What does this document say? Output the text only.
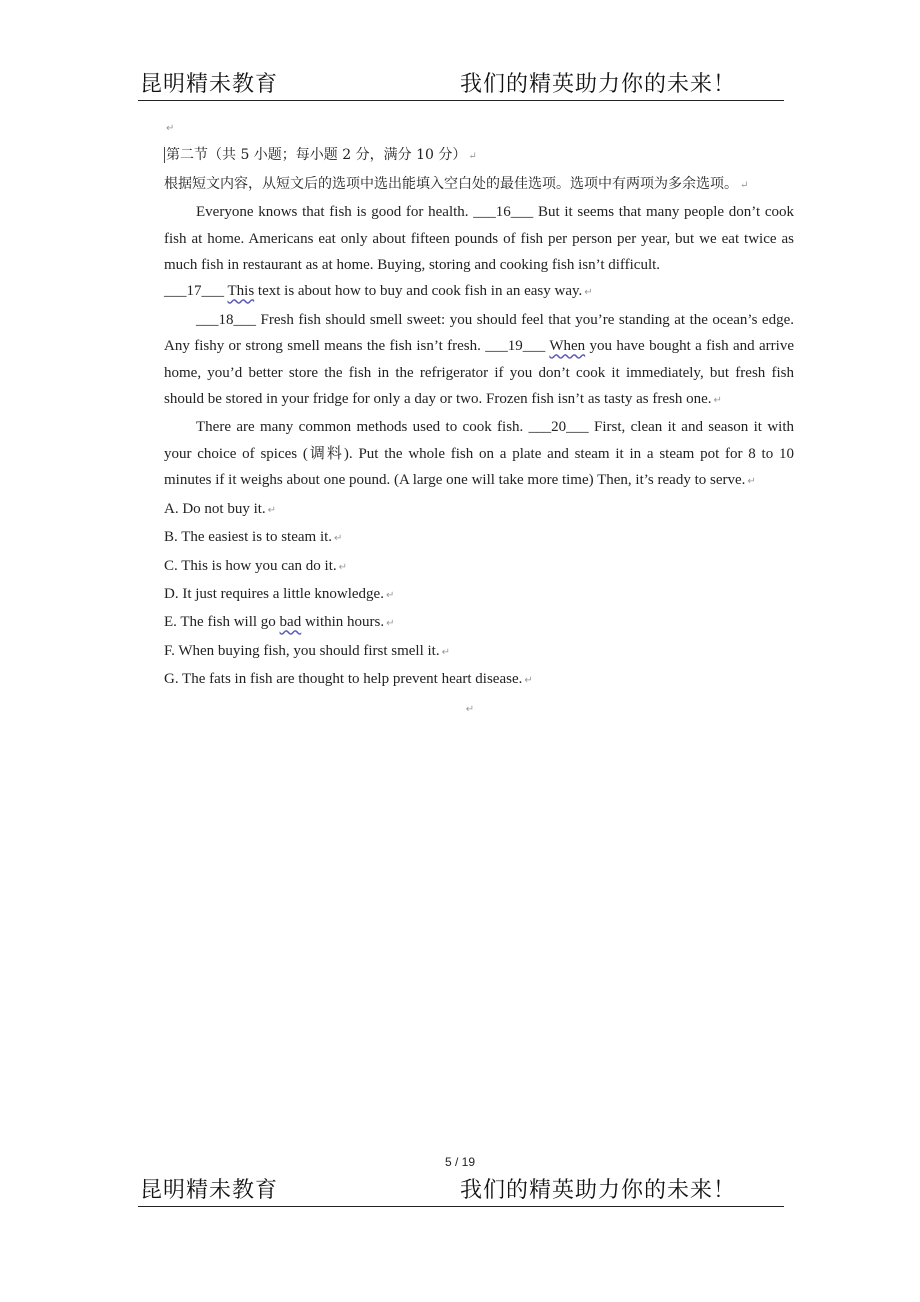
昆明精未教育	我们的精英助力你的未来！

↵

第二节（共 5 小题；每小题 2 分，满分 10 分） ↵

根据短文内容，从短文后的选项中选出能填入空白处的最佳选项。选项中有两项为多余选项。 ↵

Everyone knows that fish is good for health. ___16___ But it seems that many people don’t cook fish at home. Americans eat only about fifteen pounds of fish per person per year, but we eat twice as much fish in restaurant as at home. Buying, storing and cooking fish isn’t difficult.
___17___ This text is about how to buy and cook fish in an easy way. ↵

___18___ Fresh fish should smell sweet: you should feel that you’re standing at the ocean’s edge. Any fishy or strong smell means the fish isn’t fresh. ___19___ When you have bought a fish and arrive home, you’d better store the fish in the refrigerator if you don’t cook it immediately, but fresh fish should be stored in your fridge for only a day or two. Frozen fish isn’t as tasty as fresh one. ↵

There are many common methods used to cook fish. ___20___ First, clean it and season it with your choice of spices (调料). Put the whole fish on a plate and steam it in a steam pot for 8 to 10 minutes if it weighs about one pound. (A large one will take more time) Then, it’s ready to serve. ↵

A. Do not buy it. ↵

B. The easiest is to steam it. ↵

C. This is how you can do it. ↵

D. It just requires a little knowledge. ↵

E. The fish will go bad within hours. ↵

F. When buying fish, you should first smell it. ↵

G. The fats in fish are thought to help prevent heart disease. ↵

↵

5 / 19
昆明精未教育	我们的精英助力你的未来！
